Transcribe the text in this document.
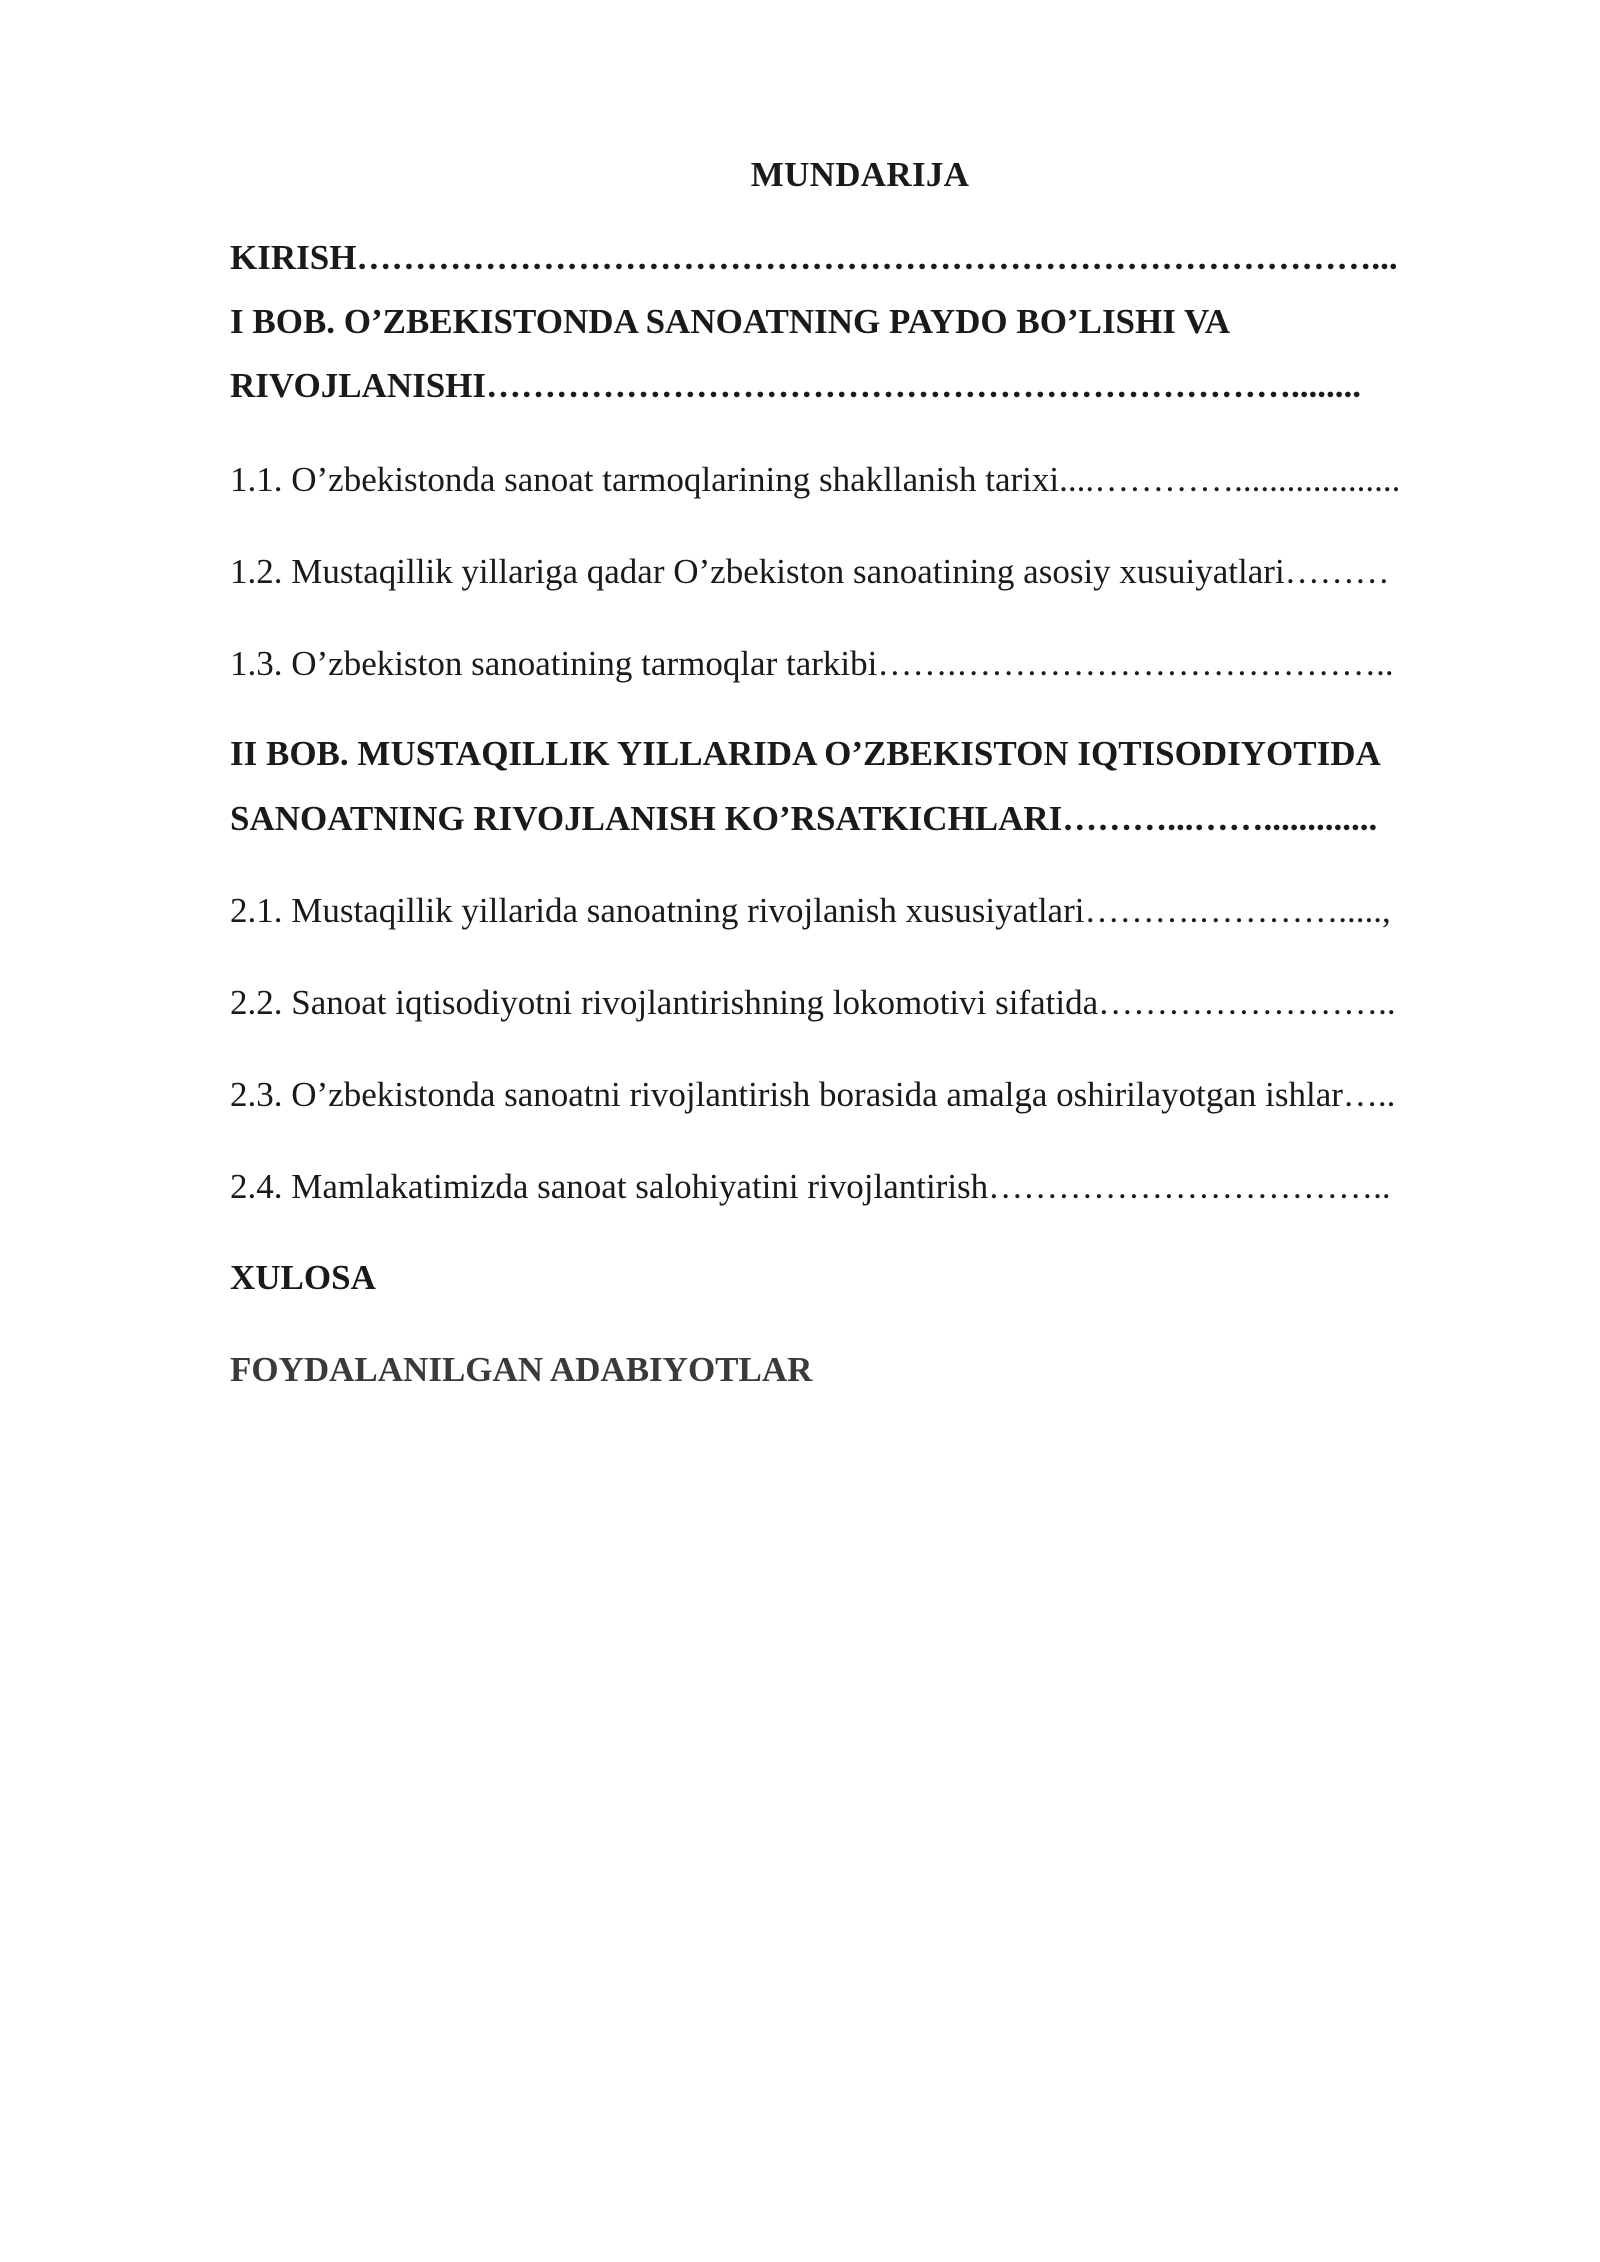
MUNDARIJA

KIRISH……………………………………………………………………………...

I BOB. O’ZBEKISTONDA SANOATNING PAYDO BO’LISHI VA
RIVOJLANISHI……………………………………………………………........

1.1. O’zbekistonda sanoat tarmoqlarining shakllanish tarixi....…………...................

1.2. Mustaqillik yillariga qadar O’zbekiston sanoatining asosiy xusuiyatlari………

1.3. O’zbekiston sanoatining tarmoqlar tarkibi…….………………………………..

II BOB. MUSTAQILLIK YILLARIDA O’ZBEKISTON IQTISODIYOTIDA
SANOATNING RIVOJLANISH KO’RSATKICHLARI………...…….............

2.1. Mustaqillik yillarida sanoatning rivojlanish xususiyatlari……….………….....,

2.2. Sanoat iqtisodiyotni rivojlantirishning lokomotivi sifatida……………………..

2.3. O’zbekistonda sanoatni rivojlantirish borasida amalga oshirilayotgan ishlar…..

2.4. Mamlakatimizda sanoat salohiyatini rivojlantirish……………………………..

XULOSA

FOYDALANILGAN ADABIYOTLAR
